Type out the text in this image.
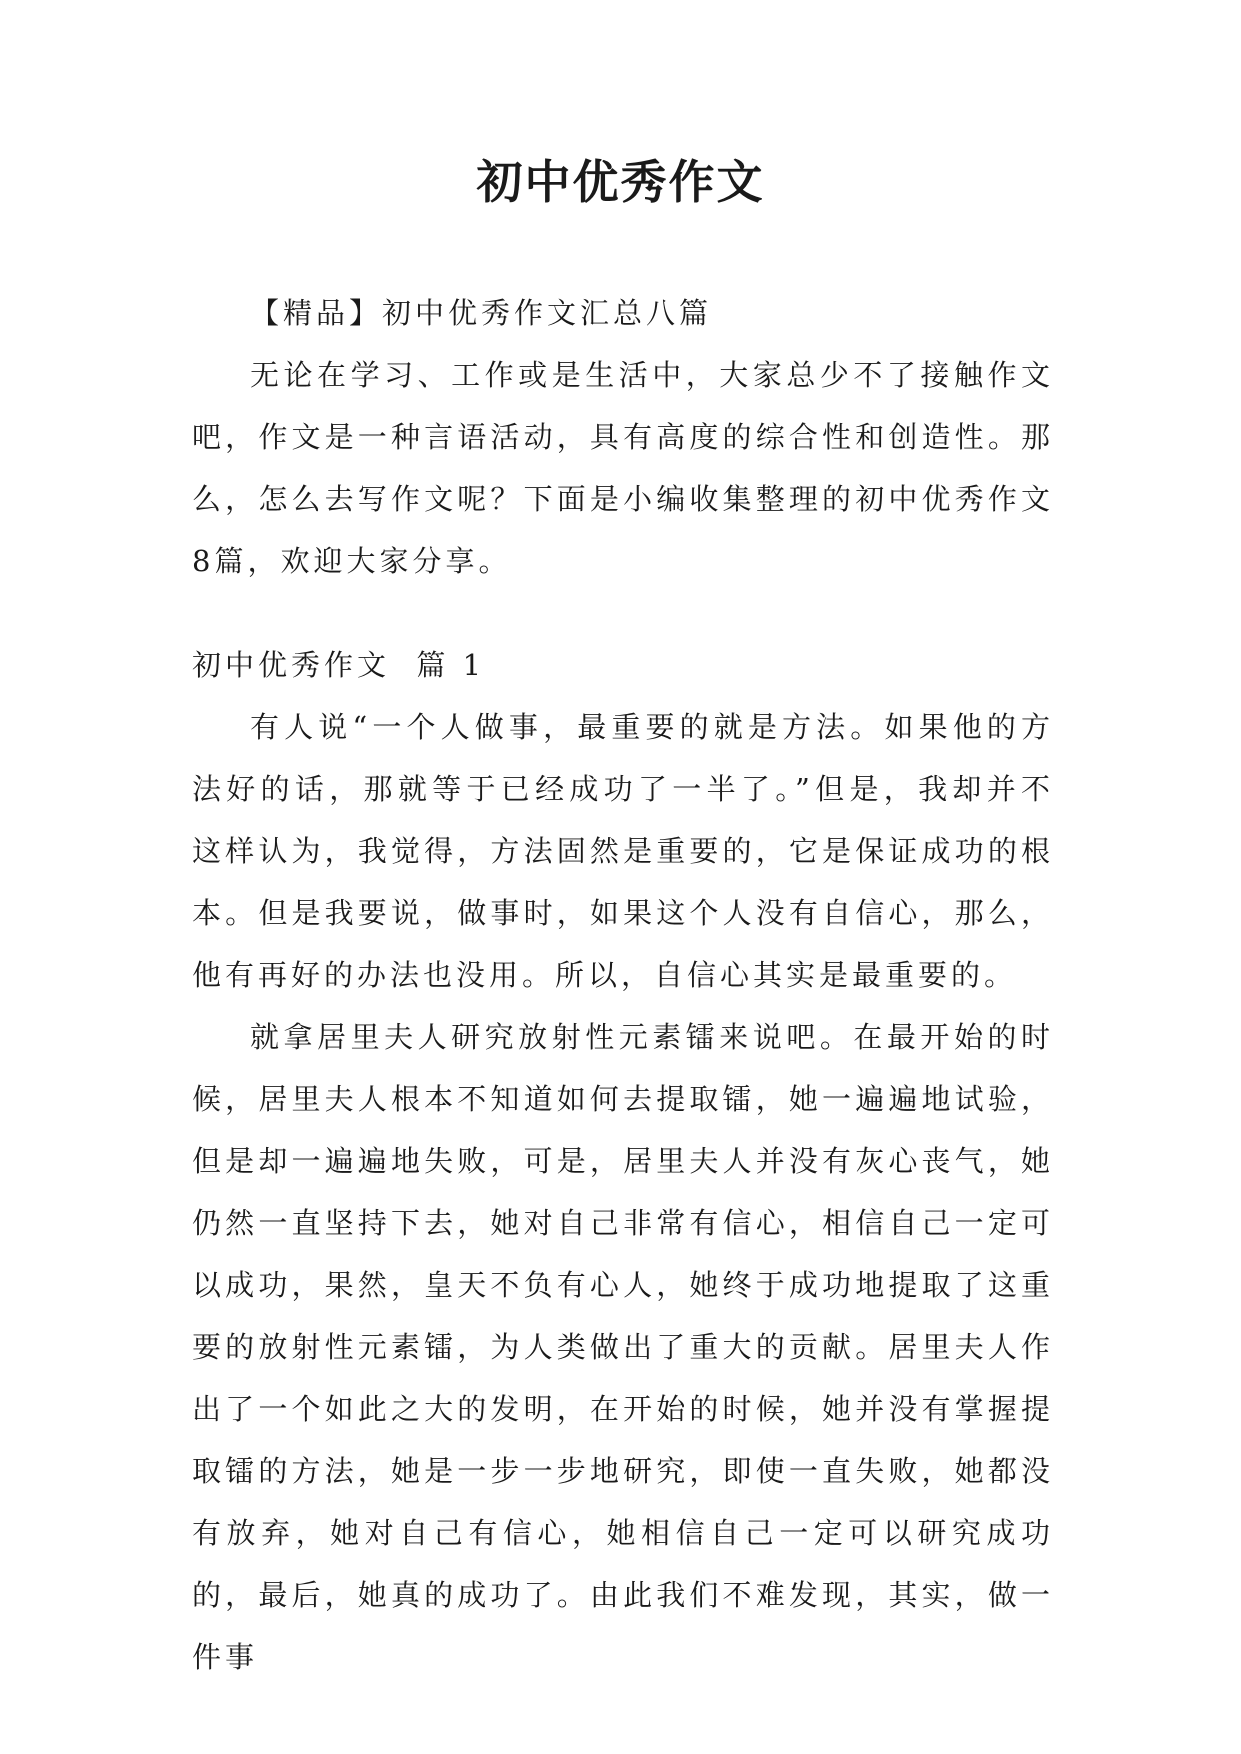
初中优秀作文

【精品】初中优秀作文汇总八篇

无论在学习、工作或是生活中，大家总少不了接触作文吧，作文是一种言语活动，具有高度的综合性和创造性。那么，怎么去写作文呢？下面是小编收集整理的初中优秀作文8篇，欢迎大家分享。

初中优秀作文  篇 1

有人说“一个人做事，最重要的就是方法。如果他的方法好的话，那就等于已经成功了一半了。”但是，我却并不这样认为，我觉得，方法固然是重要的，它是保证成功的根本。但是我要说，做事时，如果这个人没有自信心，那么，他有再好的办法也没用。所以，自信心其实是最重要的。

就拿居里夫人研究放射性元素镭来说吧。在最开始的时候，居里夫人根本不知道如何去提取镭，她一遍遍地试验，但是却一遍遍地失败，可是，居里夫人并没有灰心丧气，她仍然一直坚持下去，她对自己非常有信心，相信自己一定可以成功，果然，皇天不负有心人，她终于成功地提取了这重要的放射性元素镭，为人类做出了重大的贡献。居里夫人作出了一个如此之大的发明，在开始的时候，她并没有掌握提取镭的方法，她是一步一步地研究，即使一直失败，她都没有放弃，她对自己有信心，她相信自己一定可以研究成功的，最后，她真的成功了。由此我们不难发现，其实，做一件事
